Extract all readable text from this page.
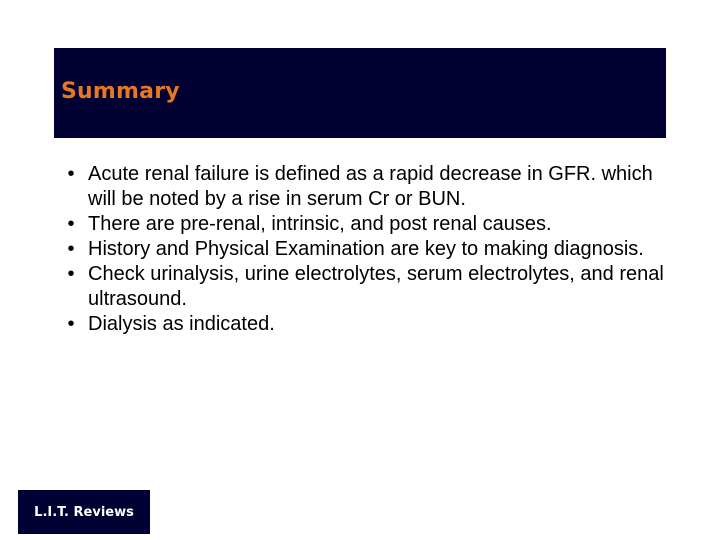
Summary
• Acute renal failure is defined as a rapid decrease in GFR. which will be noted by a rise in serum Cr or BUN.
• There are pre-renal, intrinsic, and post renal causes.
• History and Physical Examination are key to making diagnosis.
• Check urinalysis, urine electrolytes, serum electrolytes, and renal ultrasound.
• Dialysis as indicated.
L.I.T. Reviews
